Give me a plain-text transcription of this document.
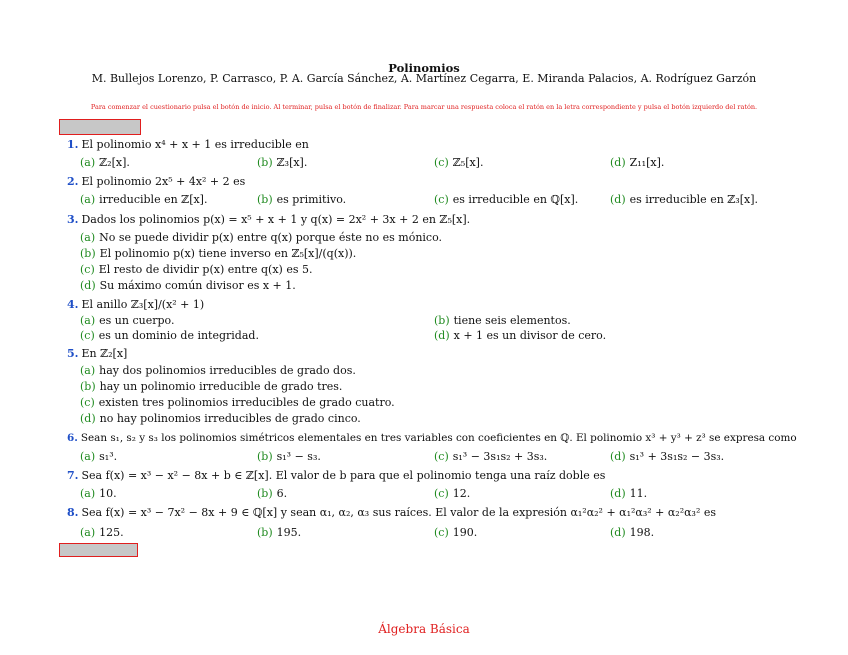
Polinomios
M. Bullejos Lorenzo, P. Carrasco, P. A. García Sánchez, A. Martínez Cegarra, E. Miranda Palacios, A. Rodríguez Garzón
Para comenzar el cuestionario pulsa el botón de inicio. Al terminar, pulsa el botón de finalizar. Para marcar una respuesta coloca el ratón en la letra correspondiente y pulsa el botón izquierdo del ratón.
1. El polinomio x⁴ + x + 1 es irreducible en
(a) ℤ₂[x].	(b) ℤ₃[x].	(c) ℤ₅[x].	(d) Z₁₁[x].
2. El polinomio 2x⁵ + 4x² + 2 es
(a) irreducible en ℤ[x].	(b) es primitivo.	(c) es irreducible en ℚ[x].	(d) es irreducible en ℤ₃[x].
3. Dados los polinomios p(x) = x⁵ + x + 1 y q(x) = 2x² + 3x + 2 en ℤ₅[x].
(a) No se puede dividir p(x) entre q(x) porque éste no es mónico.
(b) El polinomio p(x) tiene inverso en ℤ₅[x]/(q(x)).
(c) El resto de dividir p(x) entre q(x) es 5.
(d) Su máximo común divisor es x + 1.
4. El anillo ℤ₃[x]/(x² + 1)
(a) es un cuerpo.	(b) tiene seis elementos.
(c) es un dominio de integridad.	(d) x + 1 es un divisor de cero.
5. En ℤ₂[x]
(a) hay dos polinomios irreducibles de grado dos.
(b) hay un polinomio irreducible de grado tres.
(c) existen tres polinomios irreducibles de grado cuatro.
(d) no hay polinomios irreducibles de grado cinco.
6. Sean s₁, s₂ y s₃ los polinomios simétricos elementales en tres variables con coeficientes en ℚ. El polinomio x³ + y³ + z³ se expresa como
(a) s₁³.	(b) s₁³ − s₃.	(c) s₁³ − 3s₁s₂ + 3s₃.	(d) s₁³ + 3s₁s₂ − 3s₃.
7. Sea f(x) = x³ − x² − 8x + b ∈ ℤ[x]. El valor de b para que el polinomio tenga una raíz doble es
(a) 10.	(b) 6.	(c) 12.	(d) 11.
8. Sea f(x) = x³ − 7x² − 8x + 9 ∈ ℚ[x] y sean α₁, α₂, α₃ sus raíces. El valor de la expresión α₁²α₂² + α₁²α₃² + α₂²α₃² es
(a) 125.	(b) 195.	(c) 190.	(d) 198.
Álgebra Básica
